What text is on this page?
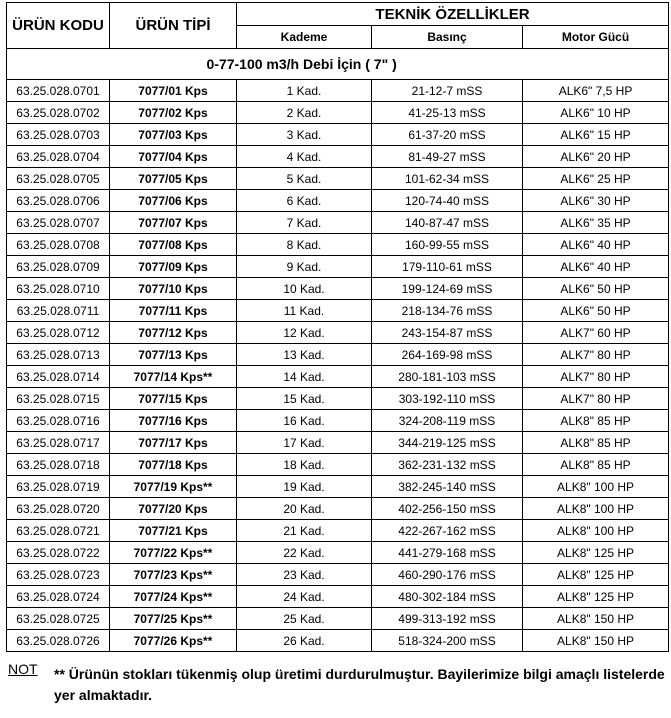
ÜRÜN KODU	ÜRÜN TİPİ	TEKNİK ÖZELLİKLER		
		Kademe	Basınç	Motor Gücü
	0-77-100 m3/h Debi İçin ( 7" )			
63.25.028.0701	7077/01 Kps	1 Kad.	21-12-7 mSS	ALK6" 7,5 HP
63.25.028.0702	7077/02 Kps	2 Kad.	41-25-13 mSS	ALK6" 10 HP
63.25.028.0703	7077/03 Kps	3 Kad.	61-37-20 mSS	ALK6" 15 HP
63.25.028.0704	7077/04 Kps	4 Kad.	81-49-27 mSS	ALK6" 20 HP
63.25.028.0705	7077/05 Kps	5 Kad.	101-62-34 mSS	ALK6" 25 HP
63.25.028.0706	7077/06 Kps	6 Kad.	120-74-40 mSS	ALK6" 30 HP
63.25.028.0707	7077/07 Kps	7 Kad.	140-87-47 mSS	ALK6" 35 HP
63.25.028.0708	7077/08 Kps	8 Kad.	160-99-55 mSS	ALK6" 40 HP
63.25.028.0709	7077/09 Kps	9 Kad.	179-110-61 mSS	ALK6" 40 HP
63.25.028.0710	7077/10 Kps	10 Kad.	199-124-69 mSS	ALK6" 50 HP
63.25.028.0711	7077/11 Kps	11 Kad.	218-134-76 mSS	ALK6" 50 HP
63.25.028.0712	7077/12 Kps	12 Kad.	243-154-87 mSS	ALK7" 60 HP
63.25.028.0713	7077/13 Kps	13 Kad.	264-169-98 mSS	ALK7" 80 HP
63.25.028.0714	7077/14 Kps**	14 Kad.	280-181-103 mSS	ALK7" 80 HP
63.25.028.0715	7077/15 Kps	15 Kad.	303-192-110 mSS	ALK7" 80 HP
63.25.028.0716	7077/16 Kps	16 Kad.	324-208-119 mSS	ALK8" 85 HP
63.25.028.0717	7077/17 Kps	17 Kad.	344-219-125 mSS	ALK8" 85 HP
63.25.028.0718	7077/18 Kps	18 Kad.	362-231-132 mSS	ALK8" 85 HP
63.25.028.0719	7077/19 Kps**	19 Kad.	382-245-140 mSS	ALK8" 100 HP
63.25.028.0720	7077/20 Kps	20 Kad.	402-256-150 mSS	ALK8" 100 HP
63.25.028.0721	7077/21 Kps	21 Kad.	422-267-162 mSS	ALK8" 100 HP
63.25.028.0722	7077/22 Kps**	22 Kad.	441-279-168 mSS	ALK8" 125 HP
63.25.028.0723	7077/23 Kps**	23 Kad.	460-290-176 mSS	ALK8" 125 HP
63.25.028.0724	7077/24 Kps**	24 Kad.	480-302-184 mSS	ALK8" 125 HP
63.25.028.0725	7077/25 Kps**	25 Kad.	499-313-192 mSS	ALK8" 150 HP
63.25.028.0726	7077/26 Kps**	26 Kad.	518-324-200 mSS	ALK8" 150 HP
NOT ** Ürünün stokları tükenmiş olup üretimi durdurulmuştur. Bayilerimize bilgi amaçlı listelerde yer almaktadır.
